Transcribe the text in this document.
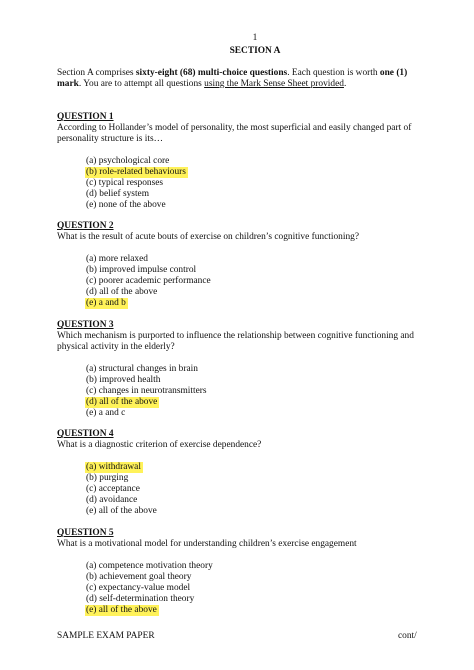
1
SECTION A
Section A comprises sixty-eight (68) multi-choice questions. Each question is worth one (1) mark. You are to attempt all questions using the Mark Sense Sheet provided.
QUESTION 1
According to Hollander’s model of personality, the most superficial and easily changed part of personality structure is its…
(a) psychological core
(b) role-related behaviours
(c) typical responses
(d) belief system
(e) none of the above
QUESTION 2
What is the result of acute bouts of exercise on children’s cognitive functioning?
(a) more relaxed
(b) improved impulse control
(c) poorer academic performance
(d) all of the above
(e) a and b
QUESTION 3
Which mechanism is purported to influence the relationship between cognitive functioning and physical activity in the elderly?
(a) structural changes in brain
(b) improved health
(c) changes in neurotransmitters
(d) all of the above
(e) a and c
QUESTION 4
What is a diagnostic criterion of exercise dependence?
(a) withdrawal
(b) purging
(c) acceptance
(d) avoidance
(e) all of the above
QUESTION 5
What is a motivational model for understanding children’s exercise engagement
(a) competence motivation theory
(b) achievement goal theory
(c) expectancy-value model
(d) self-determination theory
(e) all of the above
SAMPLE EXAM PAPER	cont/
